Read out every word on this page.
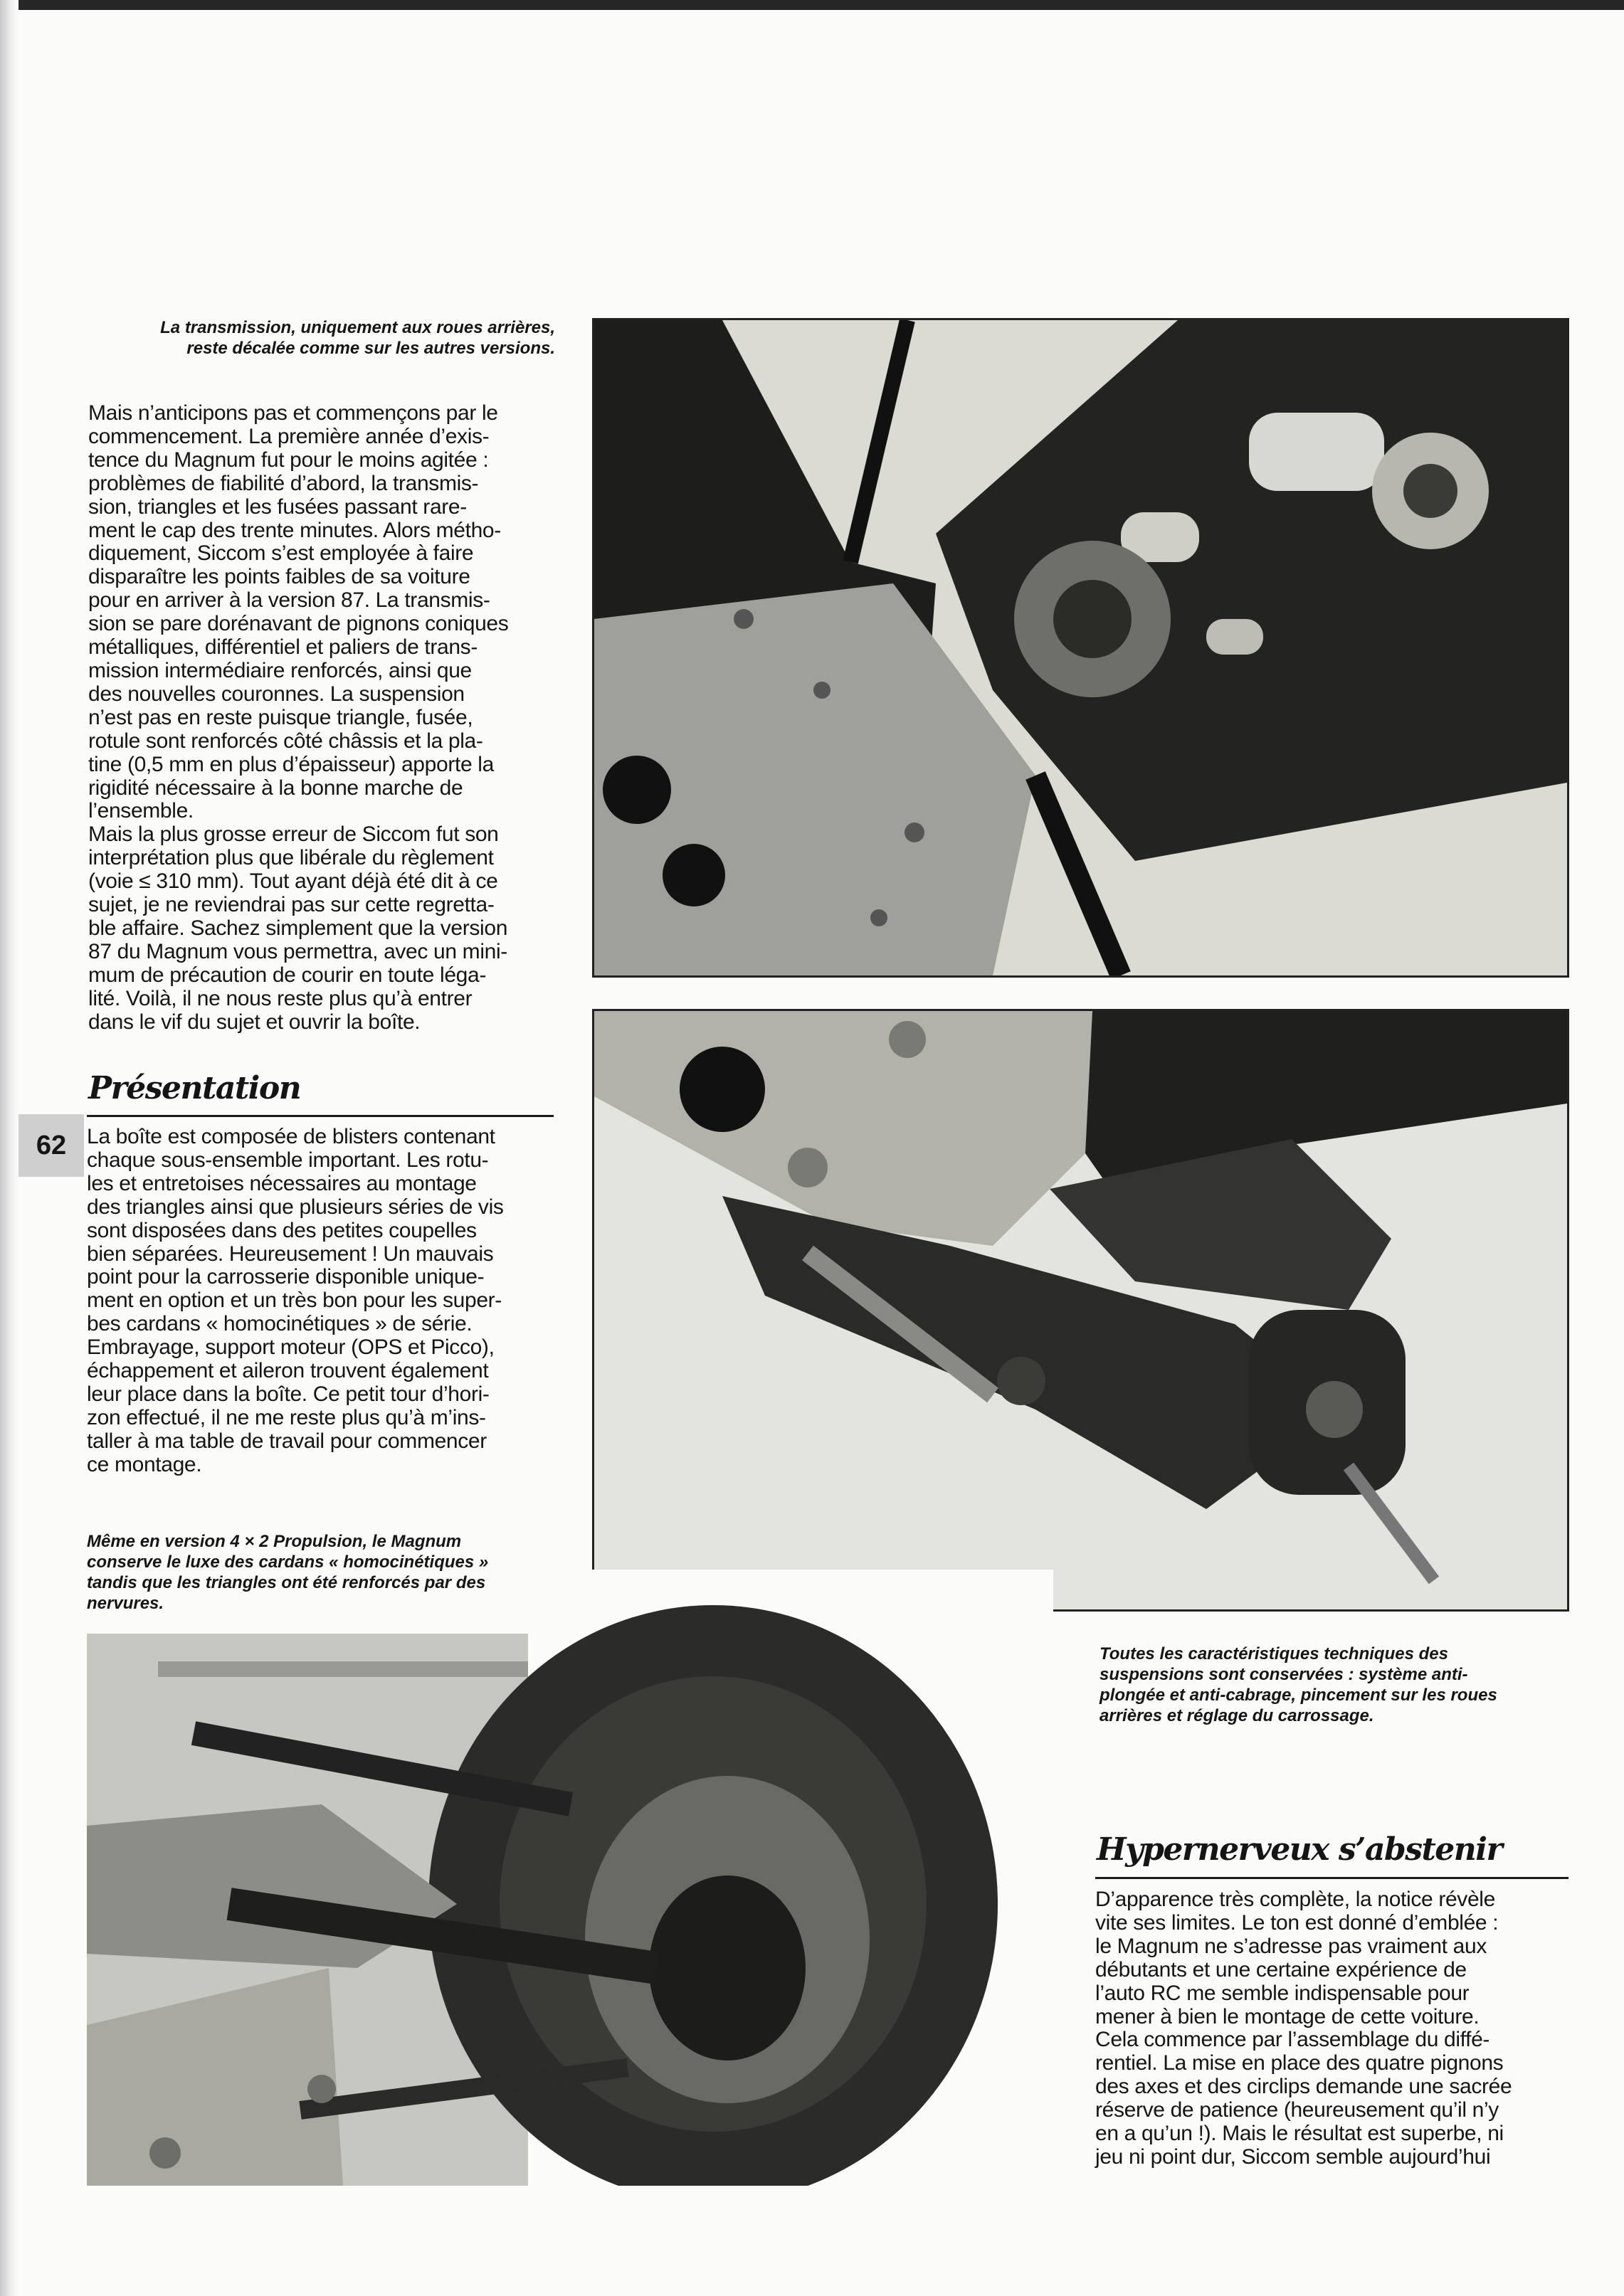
La transmission, uniquement aux roues arrières,

reste décalée comme sur les autres versions.

Mais n’anticipons pas et commençons par le

commencement. La première année d’exis-

tence du Magnum fut pour le moins agitée :

problèmes de fiabilité d’abord, la transmis-

sion, triangles et les fusées passant rare-

ment le cap des trente minutes. Alors métho-

diquement, Siccom s’est employée à faire

disparaître les points faibles de sa voiture

pour en arriver à la version 87. La transmis-

sion se pare dorénavant de pignons coniques

métalliques, différentiel et paliers de trans-

mission intermédiaire renforcés, ainsi que

des nouvelles couronnes. La suspension

n’est pas en reste puisque triangle, fusée,

rotule sont renforcés côté châssis et la pla-

tine (0,5 mm en plus d’épaisseur) apporte la

rigidité nécessaire à la bonne marche de

l’ensemble.

Mais la plus grosse erreur de Siccom fut son

interprétation plus que libérale du règlement

(voie ≤ 310 mm). Tout ayant déjà été dit à ce

sujet, je ne reviendrai pas sur cette regretta-

ble affaire. Sachez simplement que la version

87 du Magnum vous permettra, avec un mini-

mum de précaution de courir en toute léga-

lité. Voilà, il ne nous reste plus qu’à entrer

dans le vif du sujet et ouvrir la boîte.

Présentation
62 La boîte est composée de blisters contenant

chaque sous-ensemble important. Les rotu-

les et entretoises nécessaires au montage

des triangles ainsi que plusieurs séries de vis

sont disposées dans des petites coupelles

bien séparées. Heureusement ! Un mauvais

point pour la carrosserie disponible unique-

ment en option et un très bon pour les super-

bes cardans « homocinétiques » de série.

Embrayage, support moteur (OPS et Picco),

échappement et aileron trouvent également

leur place dans la boîte. Ce petit tour d’hori-

zon effectué, il ne me reste plus qu’à m’ins-

taller à ma table de travail pour commencer

ce montage.

Même en version 4 × 2 Propulsion, le Magnum

conserve le luxe des cardans « homocinétiques »

tandis que les triangles ont été renforcés par des

nervures.

Toutes les caractéristiques techniques des

suspensions sont conservées : système anti-

plongée et anti-cabrage, pincement sur les roues

arrières et réglage du carrossage.

Hypernerveux s’abstenir

D’apparence très complète, la notice révèle

vite ses limites. Le ton est donné d’emblée :

le Magnum ne s’adresse pas vraiment aux

débutants et une certaine expérience de

l’auto RC me semble indispensable pour

mener à bien le montage de cette voiture.

Cela commence par l’assemblage du diffé-

rentiel. La mise en place des quatre pignons

des axes et des circlips demande une sacrée

réserve de patience (heureusement qu’il n’y

en a qu’un !). Mais le résultat est superbe, ni

jeu ni point dur, Siccom semble aujourd’hui
